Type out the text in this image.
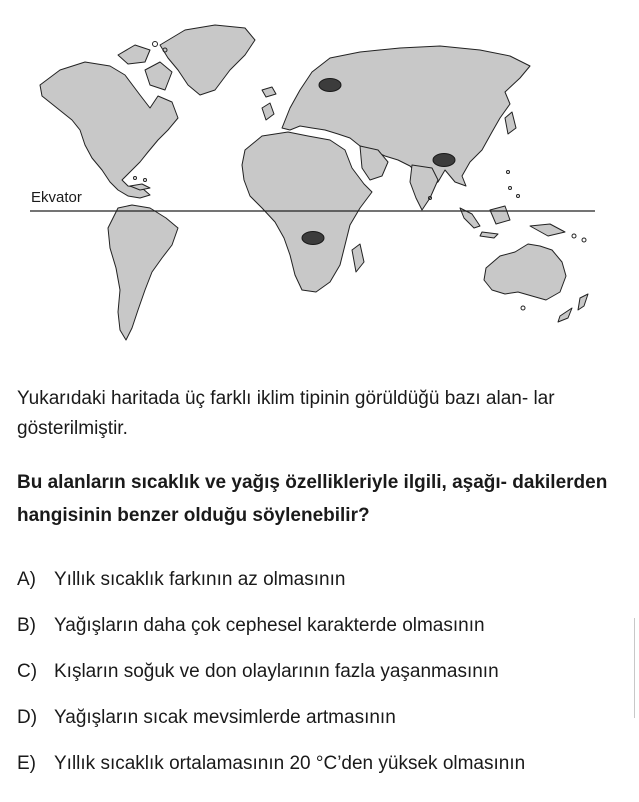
Ekvator
Yukarıdaki haritada üç farklı iklim tipinin görüldüğü bazı alan- lar gösterilmiştir.
Bu alanların sıcaklık ve yağış özellikleriyle ilgili, aşağı- dakilerden hangisinin benzer olduğu söylenebilir?
A) Yıllık sıcaklık farkının az olmasının
B) Yağışların daha çok cephesel karakterde olmasının
C) Kışların soğuk ve don olaylarının fazla yaşanmasının
D) Yağışların sıcak mevsimlerde artmasının
E) Yıllık sıcaklık ortalamasının 20 °C’den yüksek olmasının
